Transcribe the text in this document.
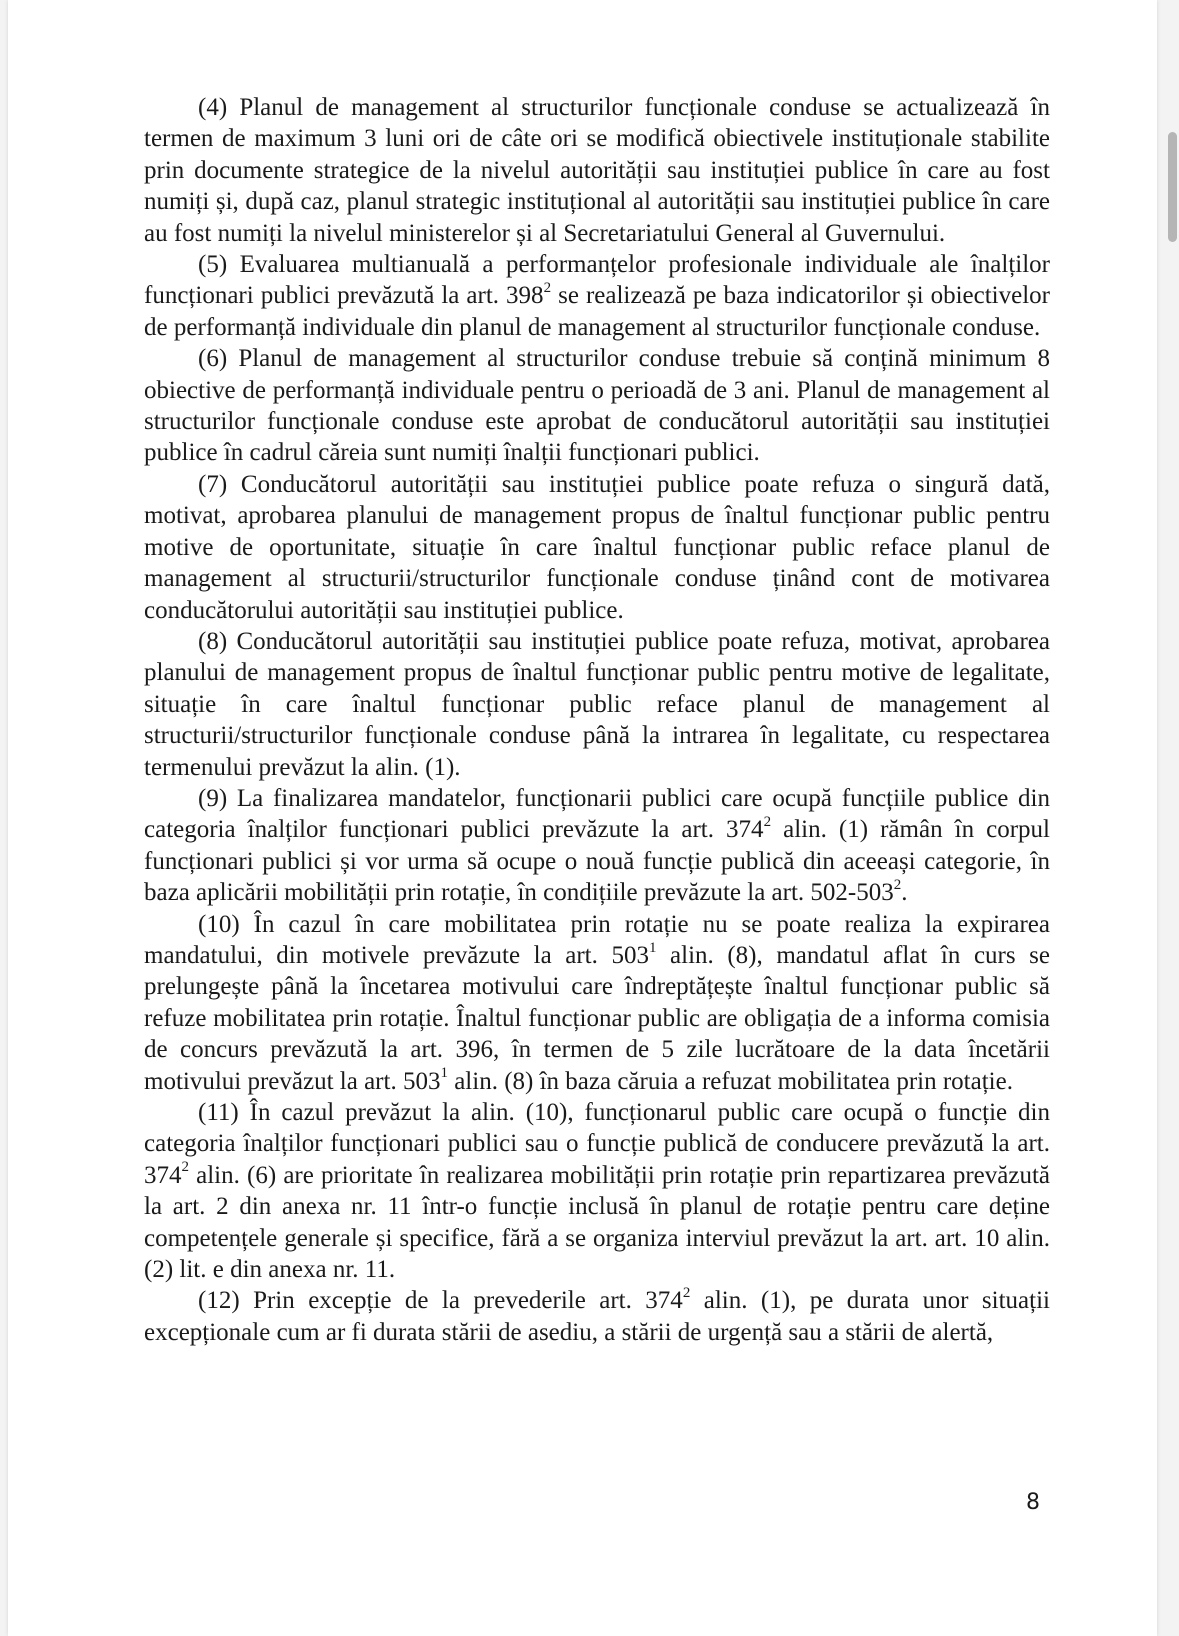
(4) Planul de management al structurilor funcționale conduse se actualizează în termen de maximum 3 luni ori de câte ori se modifică obiectivele instituționale stabilite prin documente strategice de la nivelul autorității sau instituției publice în care au fost numiți și, după caz, planul strategic instituțional al autorității sau instituției publice în care au fost numiți la nivelul ministerelor și al Secretariatului General al Guvernului.

(5) Evaluarea multianuală a performanțelor profesionale individuale ale înalților funcționari publici prevăzută la art. $398^2$ se realizează pe baza indicatorilor și obiectivelor de performanță individuale din planul de management al structurilor funcționale conduse.

(6) Planul de management al structurilor conduse trebuie să conțină minimum 8 obiective de performanță individuale pentru o perioadă de 3 ani. Planul de management al structurilor funcționale conduse este aprobat de conducătorul autorității sau instituției publice în cadrul căreia sunt numiți înalții funcționari publici.

(7) Conducătorul autorității sau instituției publice poate refuza o singură dată, motivat, aprobarea planului de management propus de înaltul funcționar public pentru motive de oportunitate, situație în care înaltul funcționar public reface planul de management al structurii/structurilor funcționale conduse ținând cont de motivarea conducătorului autorității sau instituției publice.

(8) Conducătorul autorității sau instituției publice poate refuza, motivat, aprobarea planului de management propus de înaltul funcționar public pentru motive de legalitate, situație în care înaltul funcționar public reface planul de management al structurii/structurilor funcționale conduse până la intrarea în legalitate, cu respectarea termenului prevăzut la alin. (1).

(9) La finalizarea mandatelor, funcționarii publici care ocupă funcțiile publice din categoria înalților funcționari publici prevăzute la art. $374^2$ alin. (1) rămân în corpul funcționari publici și vor urma să ocupe o nouă funcție publică din aceeași categorie, în baza aplicării mobilității prin rotație, în condițiile prevăzute la art. $502-503^2$.

(10) În cazul în care mobilitatea prin rotație nu se poate realiza la expirarea mandatului, din motivele prevăzute la art. $503^1$ alin. (8), mandatul aflat în curs se prelungește până la încetarea motivului care îndreptățește înaltul funcționar public să refuze mobilitatea prin rotație. Înaltul funcționar public are obligația de a informa comisia de concurs prevăzută la art. 396, în termen de 5 zile lucrătoare de la data încetării motivului prevăzut la art. $503^1$ alin. (8) în baza căruia a refuzat mobilitatea prin rotație.

(11) În cazul prevăzut la alin. (10), funcționarul public care ocupă o funcție din categoria înalților funcționari publici sau o funcție publică de conducere prevăzută la art. $374^2$ alin. (6) are prioritate în realizarea mobilității prin rotație prin repartizarea prevăzută la art. 2 din anexa nr. 11 într-o funcție inclusă în planul de rotație pentru care deține competențele generale și specifice, fără a se organiza interviul prevăzut la art. art. 10 alin. (2) lit. e din anexa nr. 11.

(12) Prin excepție de la prevederile art. $374^2$ alin. (1), pe durata unor situații excepționale cum ar fi durata stării de asediu, a stării de urgență sau a stării de alertă,

8
